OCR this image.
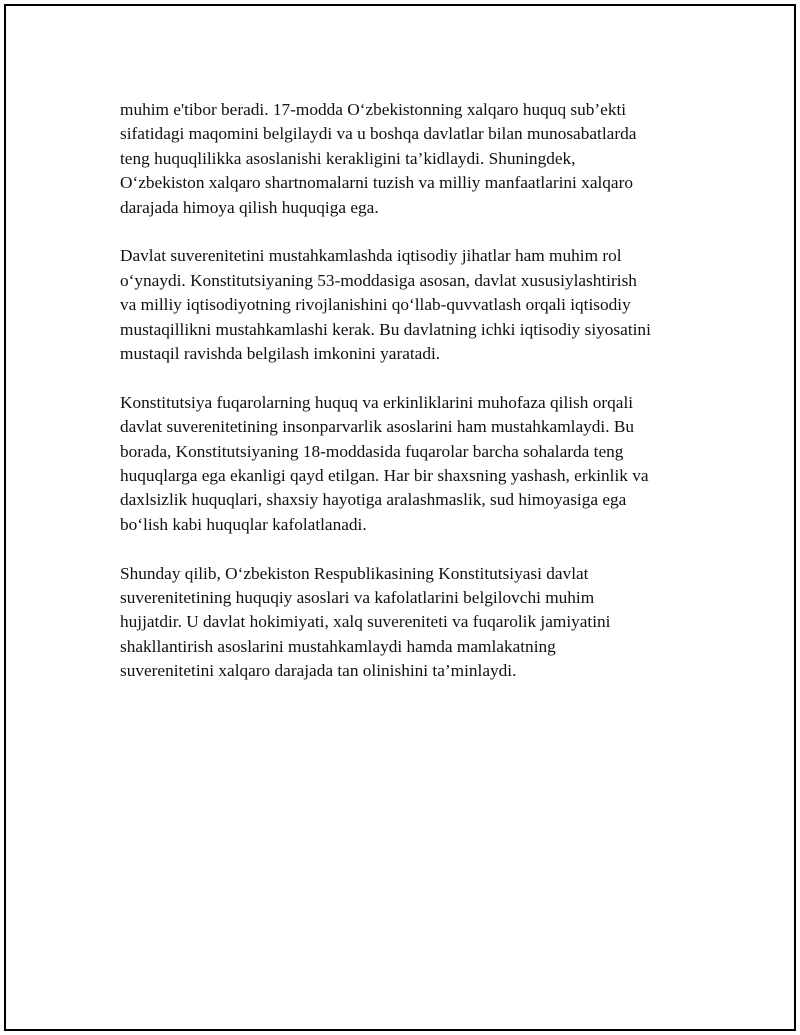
muhim e'tibor beradi. 17-modda O‘zbekistonning xalqaro huquq sub’ekti
sifatidagi maqomini belgilaydi va u boshqa davlatlar bilan munosabatlarda
teng huquqlilikka asoslanishi kerakligini ta’kidlaydi. Shuningdek,
O‘zbekiston xalqaro shartnomalarni tuzish va milliy manfaatlarini xalqaro
darajada himoya qilish huquqiga ega.

Davlat suverenitetini mustahkamlashda iqtisodiy jihatlar ham muhim rol
o‘ynaydi. Konstitutsiyaning 53-moddasiga asosan, davlat xususiylashtirish
va milliy iqtisodiyotning rivojlanishini qo‘llab-quvvatlash orqali iqtisodiy
mustaqillikni mustahkamlashi kerak. Bu davlatning ichki iqtisodiy siyosatini
mustaqil ravishda belgilash imkonini yaratadi.

Konstitutsiya fuqarolarning huquq va erkinliklarini muhofaza qilish orqali
davlat suverenitetining insonparvarlik asoslarini ham mustahkamlaydi. Bu
borada, Konstitutsiyaning 18-moddasida fuqarolar barcha sohalarda teng
huquqlarga ega ekanligi qayd etilgan. Har bir shaxsning yashash, erkinlik va
daxlsizlik huquqlari, shaxsiy hayotiga aralashmaslik, sud himoyasiga ega
bo‘lish kabi huquqlar kafolatlanadi.

Shunday qilib, O‘zbekiston Respublikasining Konstitutsiyasi davlat
suverenitetining huquqiy asoslari va kafolatlarini belgilovchi muhim
hujjatdir. U davlat hokimiyati, xalq suvereniteti va fuqarolik jamiyatini
shakllantirish asoslarini mustahkamlaydi hamda mamlakatning
suverenitetini xalqaro darajada tan olinishini ta’minlaydi.
